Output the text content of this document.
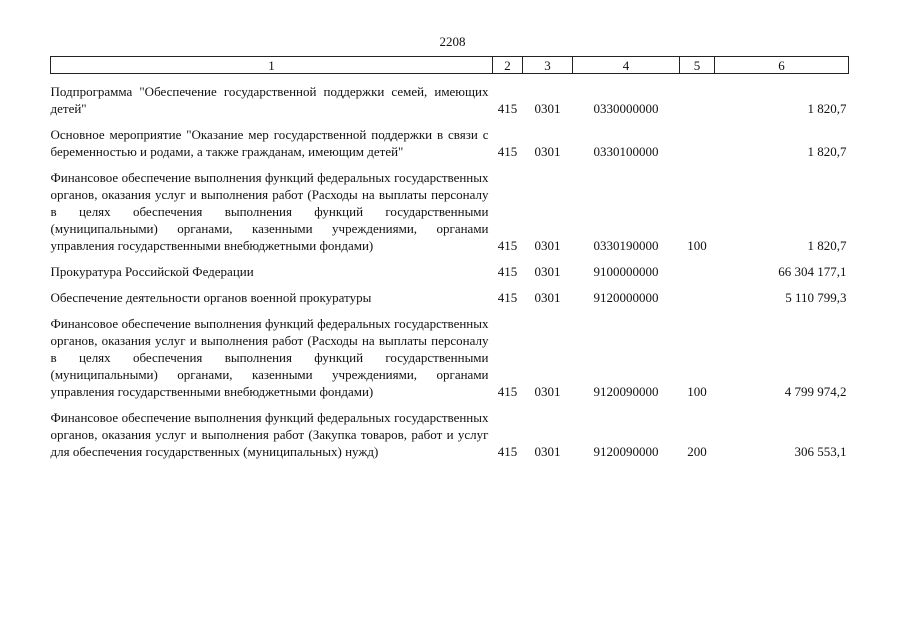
2208
1	2	3	4	5	6

Подпрограмма "Обеспечение государственной поддержки семей, имеющих детей"	415	0301	0330000000		1 820,7

Основное мероприятие "Оказание мер государственной поддержки в связи с беременностью и родами, а также гражданам, имеющим детей"	415	0301	0330100000		1 820,7

Финансовое обеспечение выполнения функций федеральных государственных органов, оказания услуг и выполнения работ (Расходы на выплаты персоналу в целях обеспечения выполнения функций государственными (муниципальными) органами, казенными учреждениями, органами управления государственными внебюджетными фондами)	415	0301	0330190000	100	1 820,7

Прокуратура Российской Федерации	415	0301	9100000000		66 304 177,1

Обеспечение деятельности органов военной прокуратуры	415	0301	9120000000		5 110 799,3

Финансовое обеспечение выполнения функций федеральных государственных органов, оказания услуг и выполнения работ (Расходы на выплаты персоналу в целях обеспечения выполнения функций государственными (муниципальными) органами, казенными учреждениями, органами управления государственными внебюджетными фондами)	415	0301	9120090000	100	4 799 974,2

Финансовое обеспечение выполнения функций федеральных государственных органов, оказания услуг и выполнения работ (Закупка товаров, работ и услуг для обеспечения государственных (муниципальных) нужд)	415	0301	9120090000	200	306 553,1
